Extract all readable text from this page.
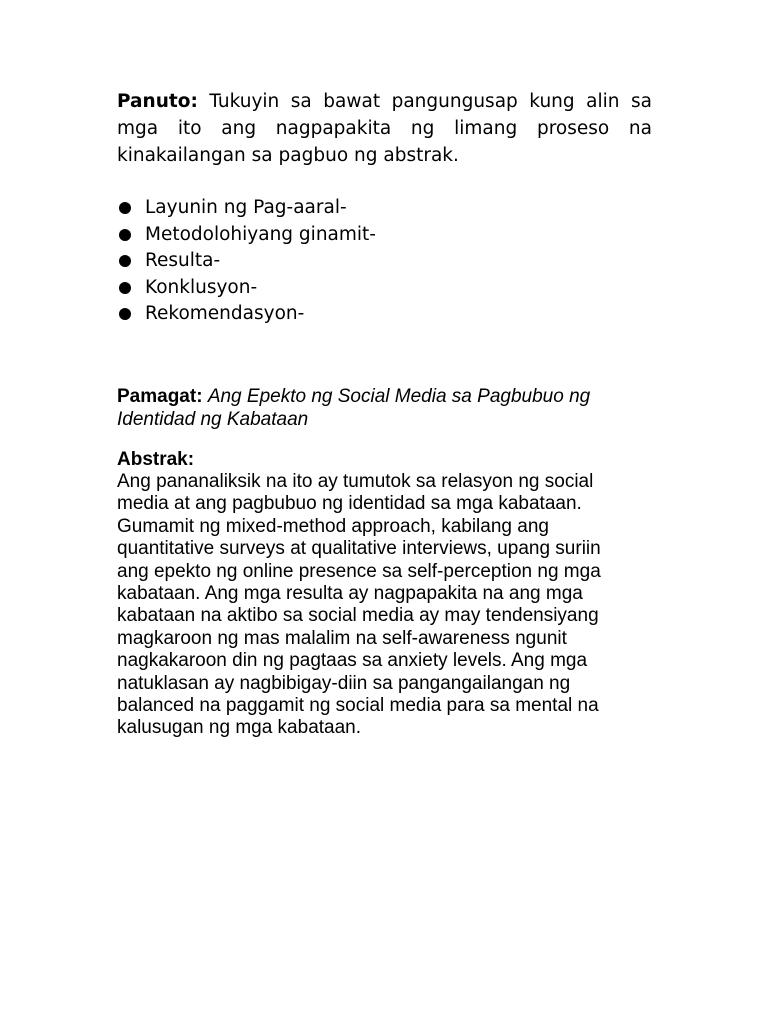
Panuto: Tukuyin sa bawat pangungusap kung alin sa mga ito ang nagpapakita ng limang proseso na kinakailangan sa pagbuo ng abstrak.

Layunin ng Pag-aaral-
Metodolohiyang ginamit-
Resulta-
Konklusyon-
Rekomendasyon-

Pamagat: Ang Epekto ng Social Media sa Pagbubuo ng
Identidad ng Kabataan

Abstrak:

Ang pananaliksik na ito ay tumutok sa relasyon ng social
media at ang pagbubuo ng identidad sa mga kabataan.
Gumamit ng mixed-method approach, kabilang ang
quantitative surveys at qualitative interviews, upang suriin
ang epekto ng online presence sa self-perception ng mga
kabataan. Ang mga resulta ay nagpapakita na ang mga
kabataan na aktibo sa social media ay may tendensiyang
magkaroon ng mas malalim na self-awareness ngunit
nagkakaroon din ng pagtaas sa anxiety levels. Ang mga
natuklasan ay nagbibigay-diin sa pangangailangan ng
balanced na paggamit ng social media para sa mental na
kalusugan ng mga kabataan.
